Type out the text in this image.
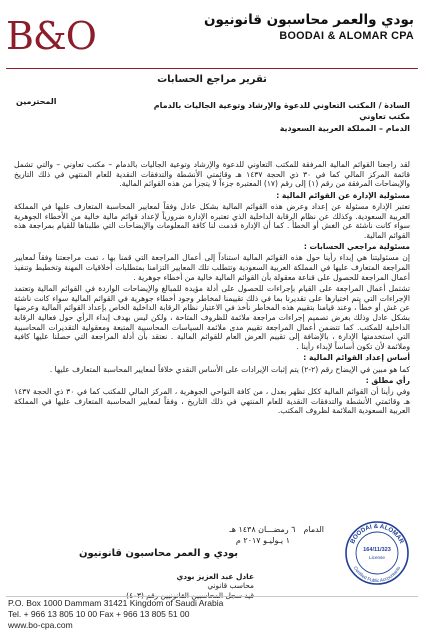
B&O	بودي والعمر محاسبون قانونيون
BOODAI & ALOMAR CPA
تقرير مراجع الحسابات
المحترمين	السادة / المكتب التعاوني للدعوة والإرشاد وتوعية الجاليات بالدمام
مكتب تعاوني
الدمام – المملكة العربية السعودية

لقد راجعنا القوائم المالية المرفقة للمكتب التعاوني للدعوة والإرشاد وتوعية الجاليات بالدمام – مكتب تعاوني – والتي تشمل قائمة المركز المالي كما في ٣٠ ذي الحجة ١٤٣٧ هـ وقائمتي الأنشطة والتدفقات النقدية للعام المنتهي في ذلك التاريخ والإيضاحات المرفقة من رقم (١) إلى رقم (١٧) المعتبرة جزءاً لا يتجزأ من هذه القوائم المالية.

مسئولية الإدارة عن القوائم المالية :

تعتبر الإدارة مسئولة عن إعداد وعرض هذه القوائم المالية بشكل عادل وفقاً لمعايير المحاسبة المتعارف عليها في المملكة العربية السعودية. وكذلك عن نظام الرقابة الداخلية الذي تعتبره الإدارة ضرورياً لإعداد قوائم مالية خالية من الأخطاء الجوهرية سواء كانت ناشئة عن الغش أو الخطأ . كما أن الإدارة قدمت لنا كافة المعلومات والإيضاحات التي طلبناها للقيام بمراجعة هذه القوائم المالية.

مسئولية مراجعي الحسابات :

إن مسئوليتنا هي إبداء رأينا حول هذه القوائم المالية استناداً إلى أعمال المراجعة التي قمنا بها ، تمت مراجعتنا وفقاً لمعايير المراجعة المتعارف عليها في المملكة العربية السعودية وتتطلب تلك المعايير التزامنا بمتطلبات أخلاقيات المهنة وتخطيط وتنفيذ أعمال المراجعة للحصول على قناعة معقولة بأن القوائم المالية خالية من أخطاء جوهرية .

تشتمل أعمال المراجعة على القيام بإجراءات للحصول على أدلة مؤيدة للمبالغ والإيضاحات الواردة في القوائم المالية وتعتمد الإجراءات التي يتم اختيارها على تقديرنا بما في ذلك تقييمنا لمخاطر وجود أخطاء جوهرية في القوائم المالية سواء كانت ناشئة عن غش أو خطأ ، وعند قيامنا بتقييم هذه المخاطر نأخذ في الاعتبار نظام الرقابة الداخلية الخاص بإعداد القوائم المالية وعرضها بشكل عادل وذلك بغرض تصميم إجراءات مراجعة ملائمة للظروف المتاحة ، ولكن ليس بهدف إبداء الرأي حول فعالية الرقابة الداخلية للمكتب. كما تتضمن أعمال المراجعة تقييم مدى ملائمة السياسات المحاسبية المتبعة ومعقولية التقديرات المحاسبية التي استخدمتها الإدارة ، بالإضافة إلى تقييم العرض العام للقوائم المالية . نعتقد بأن أدلة المراجعة التي حصلنا عليها كافية وملائمة لأن تكون أساساً لإبداء رأينا .

أساس إعداد القوائم المالية :

كما هو مبين في الإيضاح رقم (٢-٢) يتم إثبات الإيرادات على الأساس النقدي خلافاً لمعايير المحاسبة المتعارف عليها .

رأي مطلق :

وفي رأينا أن القوائم المالية ككل تظهر بعدل ، من كافة النواحي الجوهرية ، المركز المالي للمكتب كما في ٣٠ ذي الحجة ١٤٣٧ هـ وقائمتي الأنشطة والتدفقات النقدية للعام المنتهي في ذلك التاريخ ، وفقاً لمعايير المحاسبة المتعارف عليها في المملكة العربية السعودية الملائمة لظروف المكتب.

الدمام
٦ رمضـــان ١٤٣٨ هـ
١ يـوليـو ٢٠١٧ م
بودي و العمر محاسبون قانونيون
عادل عبد العزيز بودي
محاسب قانوني
BOODAI & ALOMAR
164/11/323
License
Certified Public Accountants
P.O. Box 1000 Dammam 31421 Kingdom of Saudi Arabia
Tel. + 966 13 805 10 00 Fax + 966 13 805 51 00
www.bo-cpa.com
